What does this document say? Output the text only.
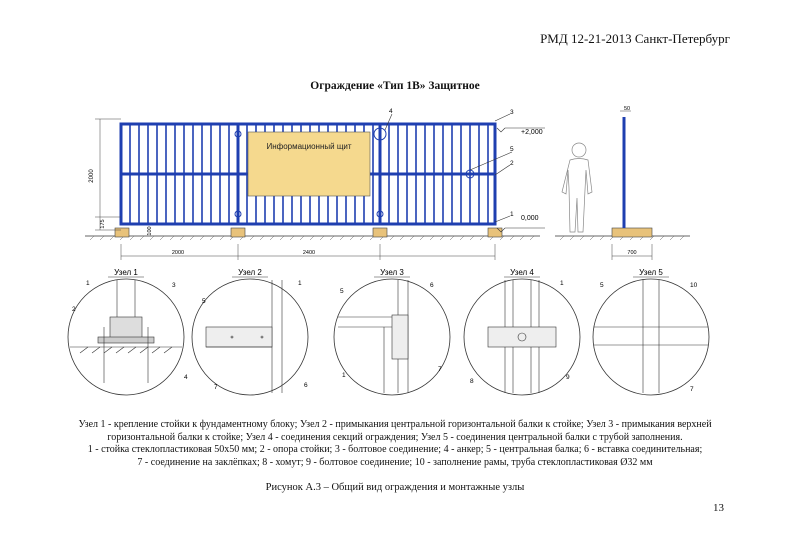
РМД 12-21-2013 Санкт-Петербург
Ограждение «Тип 1В» Защитное
Информационный щит
2000
175
100
2000	2400	700
+2,000
0,000
3
4
5
2
1
50
Узел 1	Узел 2	Узел 3	Узел 4	Узел 5
1
2
3
4
1
5
6
7
1
5
6
7
1
8
9
5	10
7
Узел 1 - крепление стойки к фундаментному блоку; Узел 2 - примыкания центральной горизонтальной балки к стойке; Узел 3 - примыкания верхней
горизонтальной балки к стойке; Узел 4 - соединения секций ограждения; Узел 5 - соединения центральной балки с трубой заполнения.
1 - стойка стеклопластиковая 50х50 мм; 2 - опора стойки; 3 - болтовое соединение; 4 - анкер; 5 - центральная балка; 6 - вставка соединительная;
7 - соединение на заклёпках; 8 - хомут; 9 - болтовое соединение; 10 - заполнение рамы, труба стеклопластиковая Ø32 мм
Рисунок А.3 – Общий вид ограждения и монтажные узлы
13
